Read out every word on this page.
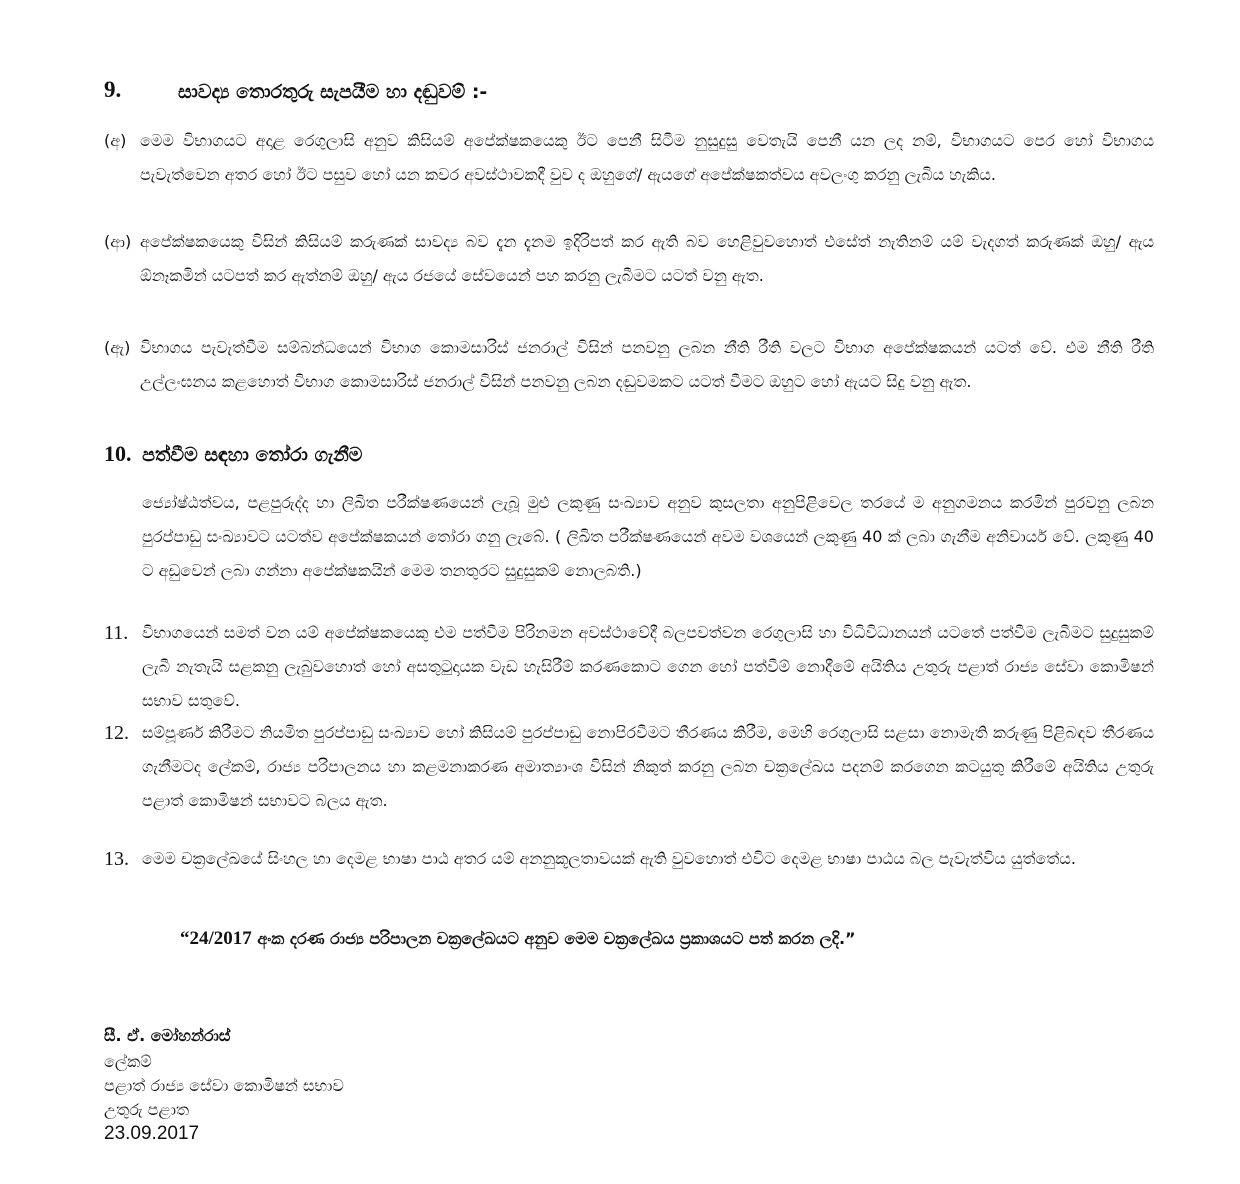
9.	සාවද්‍ය තොරතුරු සැපයීම හා දඬුවම් :-
(අ) මෙම විභාගයට අදාළ රෙගුලාසි අනුව කිසියම් අපේක්ෂකයෙකු ඊට පෙනී සිටීම නුසුදුසු වෙතැයි පෙනී යන ලද නම්, විභාගයට පෙර හෝ විභාගය පැවැත්වෙන අතර හෝ ඊට පසුව හෝ යන කවර අවස්ථාවකදී වුව ද ඔහුගේ/ ඇයගේ අපේක්ෂකත්වය අවලංගු කරනු ලැබිය හැකිය.
(ආ) අපේක්ෂකයෙකු විසින් කිසියම් කරුණක් සාවද්‍ය බව දැන දැනම ඉදිරිපත් කර ඇති බව හෙළිවුවහොත් එසේත් නැතිනම් යම් වැදගත් කරුණක් ඔහු/ ඇය ඕනෑකමින් යටපත් කර ඇත්නම් ඔහු/ ඇය රජයේ සේවයෙන් පහ කරනු ලැබීමට යටත් වනු ඇත.
(ඇ) විභාගය පැවැත්වීම සම්බන්ධයෙන් විභාග කොමසාරිස් ජනරාල් විසින් පනවනු ලබන නීති රීති වලට විභාග අපේක්ෂකයන් යටත් වේ. එම නීති රීති උල්ලංඝනය කළහොත් විභාග කොමසාරිස් ජනරාල් විසින් පනවනු ලබන දඬුවමකට යටත් වීමට ඔහුට හෝ ඇයට සිදු වනු ඇත.
10. පත්වීම සඳහා තෝරා ගැනීම
ජ්‍යෝෂ්ඨත්වය, පළපුරුද්ද හා ලිඛිත පරීක්ෂණයෙන් ලැබූ මුළු ලකුණු සංඛ්‍යාව අනුව කුසලතා අනුපිළිවෙල තරයේ ම අනුගමනය කරමින් පුරවනු ලබන පුරප්පාඩු සංඛ්‍යාවට යටත්ව අපේක්ෂකයන් තෝරා ගනු ලැබේ. ( ලිඛිත පරීක්ෂණයෙන් අවම වශයෙන් ලකුණු 40 ක් ලබා ගැනීම අනිවාර්ය වේ. ලකුණු 40 ට අඩුවෙන් ලබා ගන්නා අපේක්ෂකයින් මෙම තනතුරට සුදුසුකම් නොලබති.)
11. විභාගයෙන් සමත් වන යම් අපේක්ෂකයෙකු එම පත්වීම පිරිනමන අවස්ථාවේදී බලපවත්වන රෙගුලාසි හා විධිවිධානයන් යටතේ පත්වීම ලැබීමට සුදුසුකම් ලැබී නැතැයි සළකනු ලැබුවහොත් හෝ අසතුටුදායක වැඩ හැසිරීම් කරණකොට ගෙන හෝ පත්වීම් නොදීමේ අයිතිය උතුරු පළාත් රාජ්‍ය සේවා කොමිෂන් සභාව සතුවේ.
12. සම්පූර්ණ කිරීමට නියමිත පුරප්පාඩු සංඛ්‍යාව හෝ කිසියම් පුරප්පාඩු නොපිරවීමට තීරණය කිරීම, මෙහි රෙගුලාසි සළසා නොමැති කරුණු පිළිබඳව තීරණය ගැනීමටද ලේකම්, රාජ්‍ය පරිපාලනය හා කළමනාකරණ අමාත්‍යාංශ විසින් නිකුත් කරනු ලබන චක්‍රලේඛය පදනම් කරගෙන කටයුතු කිරීමේ අයිතිය උතුරු පළාත් කොමිෂන් සභාවට බලය ඇත.
13. මෙම චක්‍රලේඛයේ සිංහල හා දෙමළ භාෂා පාඨ අතර යම් අනනුකූලතාවයක් ඇති වුවහොත් එවිට දෙමළ භාෂා පාඨය බල පැවැත්විය යුත්තේය.
“24/2017 අංක දරණ රාජ්‍ය පරිපාලන චක්‍රලේඛයට අනුව මෙම චක්‍රලේඛය ප්‍රකාශයට පත් කරන ලදි.”
සී. ඒ. මෝහන්රාස්
ලේකම්
පළාත් රාජ්‍ය සේවා කොමිෂන් සභාව
උතුරු පළාත
23.09.2017
